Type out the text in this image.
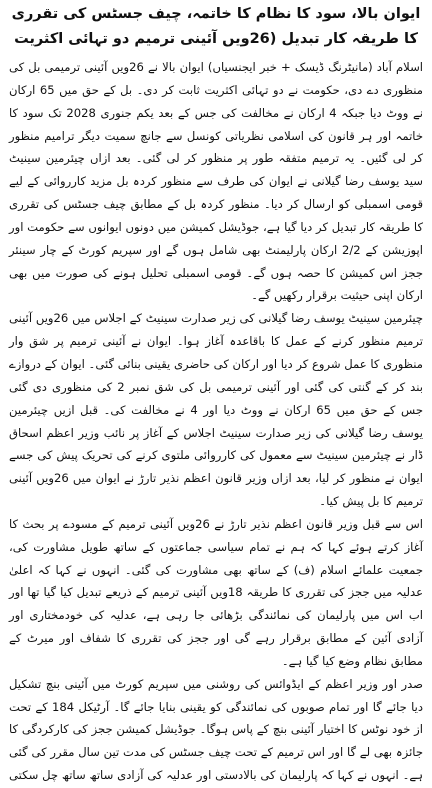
ایوان بالا، سود کا نظام کا خاتمہ، چیف جسٹس کی تقرری کا طریقہ کار تبدیل (26ویں آئینی ترمیم دو تہائی اکثریت

اسلام آباد (مانیٹرنگ ڈیسک + خبر ایجنسیاں) ایوان بالا نے 26ویں آئینی ترمیمی بل کی منظوری دے دی، حکومت نے دو تہائی اکثریت ثابت کر دی۔ بل کے حق میں 65 ارکان نے ووٹ دیا جبکہ 4 ارکان نے مخالفت کی جس کے بعد یکم جنوری 2028 تک سود کا خاتمہ اور ہر قانون کی اسلامی نظریاتی کونسل سے جانچ سمیت دیگر ترامیم منظور کر لی گئیں۔ یہ ترمیم متفقہ طور پر منظور کر لی گئی۔ بعد ازاں چیئرمین سینیٹ سید یوسف رضا گیلانی نے ایوان کی طرف سے منظور کردہ بل مزید کارروائی کے لیے قومی اسمبلی کو ارسال کر دیا۔ منظور کردہ بل کے مطابق چیف جسٹس کی تقرری کا طریقہ کار تبدیل کر دیا گیا ہے، جوڈیشل کمیشن میں دونوں ایوانوں سے حکومت اور اپوزیشن کے 2/2 ارکان پارلیمنٹ بھی شامل ہوں گے اور سپریم کورٹ کے چار سینئر ججز اس کمیشن کا حصہ ہوں گے۔ قومی اسمبلی تحلیل ہونے کی صورت میں بھی ارکان اپنی حیثیت برقرار رکھیں گے۔

چیئرمین سینیٹ یوسف رضا گیلانی کی زیر صدارت سینیٹ کے اجلاس میں 26ویں آئینی ترمیم منظور کرنے کے عمل کا باقاعدہ آغاز ہوا۔ ایوان نے آئینی ترمیم پر شق وار منظوری کا عمل شروع کر دیا اور ارکان کی حاضری یقینی بنائی گئی۔ ایوان کے دروازے بند کر کے گنتی کی گئی اور آئینی ترمیمی بل کی شق نمبر 2 کی منظوری دی گئی جس کے حق میں 65 ارکان نے ووٹ دیا اور 4 نے مخالفت کی۔ قبل ازیں چیئرمین یوسف رضا گیلانی کی زیر صدارت سینیٹ اجلاس کے آغاز پر نائب وزیر اعظم اسحاق ڈار نے چیئرمین سینیٹ سے معمول کی کارروائی ملتوی کرنے کی تحریک پیش کی جسے ایوان نے منظور کر لیا، بعد ازاں وزیر قانون اعظم نذیر تارڑ نے ایوان میں 26ویں آئینی ترمیم کا بل پیش کیا۔

اس سے قبل وزیر قانون اعظم نذیر تارڑ نے 26ویں آئینی ترمیم کے مسودے پر بحث کا آغاز کرتے ہوئے کہا کہ ہم نے تمام سیاسی جماعتوں کے ساتھ طویل مشاورت کی، جمعیت علمائے اسلام (ف) کے ساتھ بھی مشاورت کی گئی۔ انہوں نے کہا کہ اعلیٰ عدلیہ میں ججز کی تقرری کا طریقہ 18ویں آئینی ترمیم کے ذریعے تبدیل کیا گیا تھا اور اب اس میں پارلیمان کی نمائندگی بڑھائی جا رہی ہے، عدلیہ کی خودمختاری اور آزادی آئین کے مطابق برقرار رہے گی اور ججز کی تقرری کا شفاف اور میرٹ کے مطابق نظام وضع کیا گیا ہے۔

صدر اور وزیر اعظم کے ایڈوائس کی روشنی میں سپریم کورٹ میں آئینی بنچ تشکیل دیا جائے گا اور تمام صوبوں کی نمائندگی کو یقینی بنایا جائے گا۔ آرٹیکل 184 کے تحت از خود نوٹس کا اختیار آئینی بنچ کے پاس ہوگا۔ جوڈیشل کمیشن ججز کی کارکردگی کا جائزہ بھی لے گا اور اس ترمیم کے تحت چیف جسٹس کی مدت تین سال مقرر کی گئی ہے۔ انہوں نے کہا کہ پارلیمان کی بالادستی اور عدلیہ کی آزادی ساتھ ساتھ چل سکتی
